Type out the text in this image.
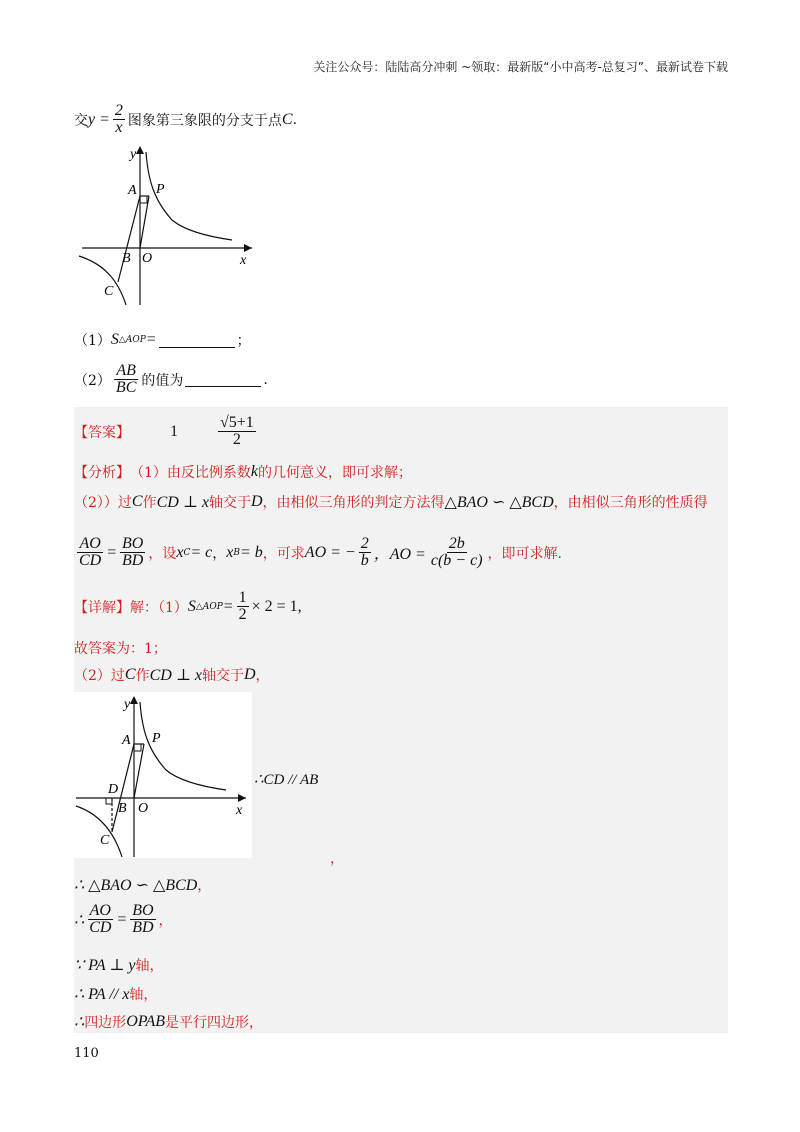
关注公众号：陆陆高分冲刺 ~领取：最新版“小中高考-总复习”、最新试卷下载
交 $y = \frac{2}{x}$ 图象第三象限的分支于点 C .
y
x
A P
B O
C
（1） S △AOP =	；
$(2) \frac{AB}{BC}$ 的值为	.
【答案】	1	$\frac{√5+1}{2}$
【分析】 （1）由反比例系数 k 的几何意义，即可求解；
（2））过 C 作 CD ⊥ x 轴交于 D ，由相似三角形的判定方法得 △BAO ∽ △BCD ，由相似三角形的性质得
$\frac{AO}{CD} = \frac{BO}{BD}$ ，设 x C = c ， x B = b ，可求 AO = − $\frac{2}{b}$ ，AO = $\frac{2b}{c(b - c)}$ ，即可求解.
【详解】 解：（1） S △AOP = $\frac{1}{2} \times 2 = 1$,
故答案为：1；
（2）过 C 作 CD ⊥ x 轴交于 D ，
y
x
A P
D
B O
C
∴CD // AB
，
∴ △BAO ∽ △BCD ，
∴ $\frac{AO}{CD} = \frac{BO}{BD}$ ，
∵ PA ⊥ y 轴，
∴ PA // x 轴，
∴ 四边形 OPAB 是平行四边形，
110
